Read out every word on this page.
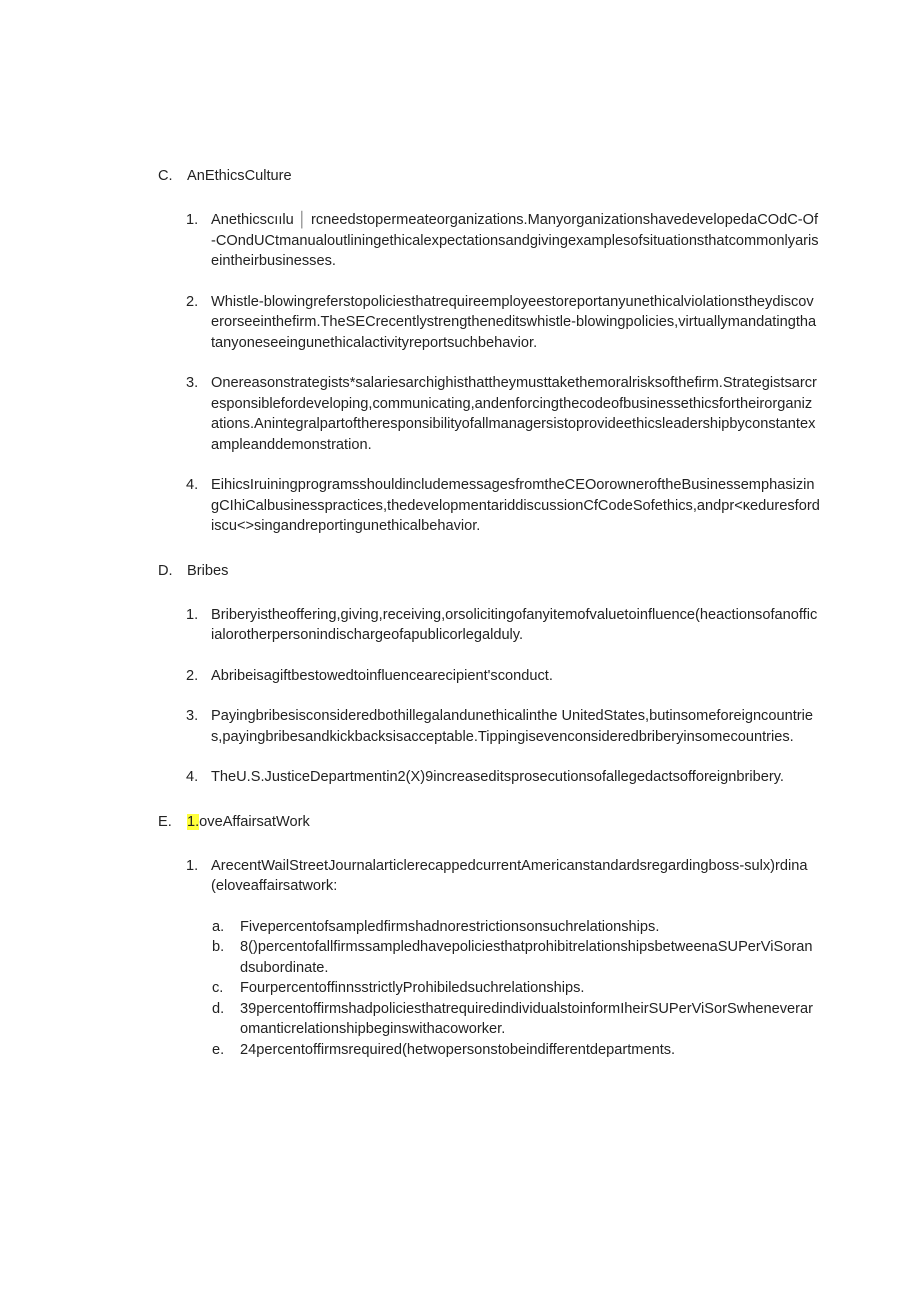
C. AnEthicsCulture
1. Anethicscıılu │ rcneedstopermeateorganizations.ManyorganizationshavedevelopedaCOdC-Of-COndUCtmanualoutliningethicalexpectationsandgivingexamplesofsituationsthatcommonlyariseintheirbusinesses.
2. Whistle-blowingreferstopoliciesthatrequireemployeestoreportanyunethicalviolationstheydiscoverorseeinthefirm.TheSECrecentlystrengtheneditswhistle-blowingpolicies,virtuallymandatingthatanyoneseeingunethicalactivityreportsuchbehavior.
3. Onereasonstrategists*salariesarchighisthattheymusttakethemoralrisksofthefirm.Strategistsarcresponsiblefordeveloping,communicating,andenforcingthecodeofbusinessethicsfortheirorganizations.Anintegralpartoftheresponsibilityofallmanagersistoprovideethicsleadershipbyconstantexampleanddemonstration.
4. EihicsIruiningprogramsshouldincludemessagesfromtheCEOorowneroftheBusinessemphasizingCIhiCalbusinesspractices,thedevelopmentariddiscussionCfCodeSofethics,andpr<κeduresfordiscu<>singandreportingunethicalbehavior.
D. Bribes
1. Briberyistheoffering,giving,receiving,orsolicitingofanyitemofvaluetoinfluence(heactionsofanofficialorotherpersonindischargeofapublicorlegalduly.
2. Abribeisagiftbestowedtoinfluencearecipient'sconduct.
3. Payingbribesisconsideredbothillegalandunethicalinthe UnitedStates,butinsomeforeigncountries,payingbribesandkickbacksisacceptable.Tippingisevenconsideredbriberyinsomecountries.
4. TheU.S.JusticeDepartmentin2(X)9increaseditsprosecutionsofallegedactsofforeignbribery.
E. 1.oveAffairsatWork
1. ArecentWailStreetJournalarticlerecappedcurrentAmericanstandardsregardingboss-sulx)rdina(eloveaffairsatwork:
a. Fivepercentofsampledfirmshadnorestrictionsonsuchrelationships.
b. 8()percentofallfirmssampledhavepoliciesthatprohibitrelationshipsbetweenaSUPerViSorandsubordinate.
c. FourpercentoffinnsstrictlyProhibiledsuchrelationships.
d. 39percentoffirmshadpoliciesthatrequiredindividualstoinformIheirSUPerViSorSwheneveraromanticrelationshipbeginswithacoworker.
e. 24percentoffirmsrequired(hetwopersonstobeindifferentdepartments.
